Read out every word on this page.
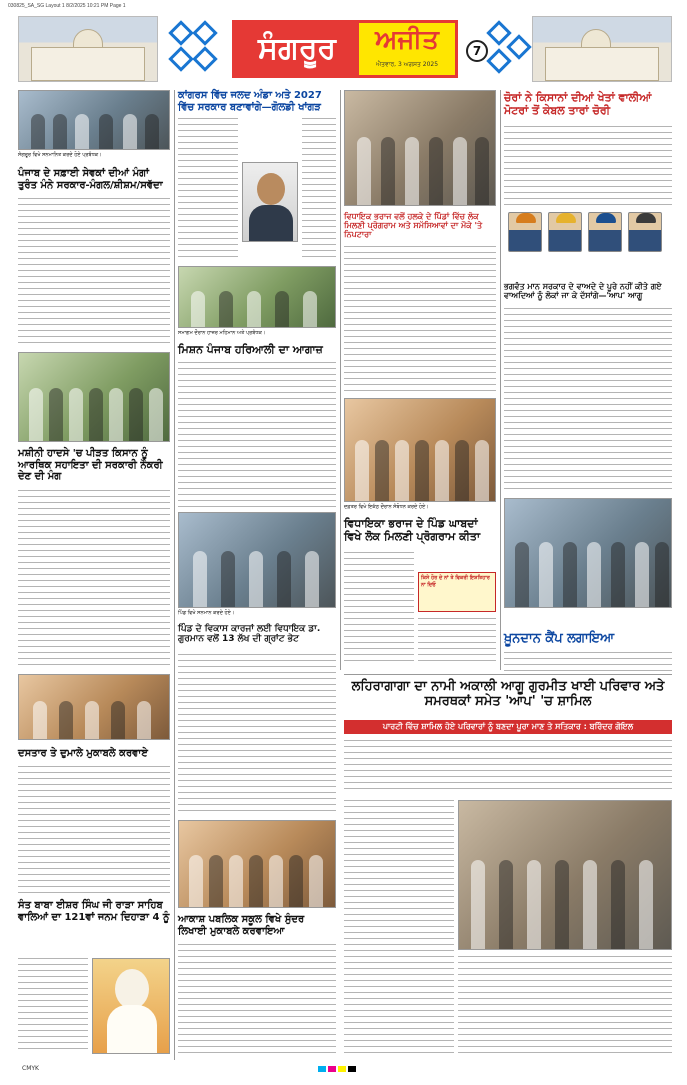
030825_SA_SG Layout 1 8/2/2025 10:21 PM Page 1
ਸੰਗਰੂਰ	ਅਜੀਤ
ਐਤਵਾਰ, 3 ਅਗਸਤ 2025
7
ਸੰਗਰੂਰ ਵਿਖੇ ਸਨਮਾਨਿਤ ਕਰਦੇ ਹੋਏ ਪ੍ਰਬੰਧਕ।
ਪੰਜਾਬ ਦੇ ਸਫ਼ਾਈ ਸੇਵਕਾਂ ਦੀਆਂ ਮੰਗਾਂ ਤੁਰੰਤ ਮੰਨੇ ਸਰਕਾਰ-ਮੰਗਲ/ਸ਼ੀਸ਼ਮ/ਸਵੱਦਾ
ਮਸ਼ੀਨੀ ਹਾਦਸੇ 'ਚ ਪੀੜਤ ਕਿਸਾਨ ਨੂੰ ਆਰਥਿਕ ਸਹਾਇਤਾ ਦੀ ਸਰਕਾਰੀ ਨੌਕਰੀ ਦੇਣ ਦੀ ਮੰਗ
ਦਸਤਾਰ ਤੇ ਦੁਮਾਲੇ ਮੁਕਾਬਲੇ ਕਰਵਾਏ
ਸੰਤ ਬਾਬਾ ਈਸ਼ਰ ਸਿੰਘ ਜੀ ਰਾੜਾ ਸਾਹਿਬ ਵਾਲਿਆਂ ਦਾ 121ਵਾਂ ਜਨਮ ਦਿਹਾੜਾ 4 ਨੂੰ
ਕਾਂਗਰਸ ਵਿੱਚ ਜਲਦ ਅੰਡਾ ਅਤੇ 2027 ਵਿੱਚ ਸਰਕਾਰ ਬਣਾਵਾਂਗੇ—ਗੋਲਡੀ ਖਾਂਗੜ
ਸਮਾਗਮ ਦੌਰਾਨ ਹਾਜ਼ਰ ਮਹਿਮਾਨ ਅਤੇ ਪ੍ਰਬੰਧਕ।
ਮਿਸ਼ਨ ਪੰਜਾਬ ਹਰਿਆਲੀ ਦਾ ਆਗਾਜ਼
ਪਿੰਡ ਵਿਖੇ ਸਨਮਾਨ ਕਰਦੇ ਹੋਏ।
ਪਿੰਡ ਦੇ ਵਿਕਾਸ ਕਾਰਜਾਂ ਲਈ ਵਿਧਾਇਕ ਡਾ. ਗੁਰਮਾਨ ਵਲੋਂ 13 ਲੱਖ ਦੀ ਗ੍ਰਾਂਟ ਭੇਟ
ਆਕਾਸ਼ ਪਬਲਿਕ ਸਕੂਲ ਵਿਖੇ ਸੁੰਦਰ ਲਿਖਾਈ ਮੁਕਾਬਲੇ ਕਰਵਾਇਆ
ਵਿਧਾਇਕ ਭਰਾਜ ਵਲੋਂ ਹਲਕੇ ਦੇ ਪਿੰਡਾਂ ਵਿੱਚ ਲੋਕ ਮਿਲਣੀ ਪ੍ਰੋਗਰਾਮ ਅਤੇ ਸਮੱਸਿਆਵਾਂ ਦਾ ਮੌਕੇ 'ਤੇ ਨਿਪਟਾਰਾ
ਦਫ਼ਤਰ ਵਿਖੇ ਇਕੱਠ ਦੌਰਾਨ ਸੰਬੋਧਨ ਕਰਦੇ ਹੋਏ।
ਵਿਧਾਇਕਾ ਭਰਾਜ ਦੇ ਪਿੰਡ ਘਾਬਦਾਂ ਵਿਖੇ ਲੋਕ ਮਿਲਣੀ ਪ੍ਰੋਗਰਾਮ ਕੀਤਾ
ਕਿਸੇ ਹੋਰ ਦੇ ਨਾਂ ਤੇ ਵਿਕਰੀ ਇਸ਼ਤਿਹਾਰ ਨਾ ਦਿਓ
ਚੋਰਾਂ ਨੇ ਕਿਸਾਨਾਂ ਦੀਆਂ ਖੇਤਾਂ ਵਾਲੀਆਂ ਮੋਟਰਾਂ ਤੋਂ ਕੇਬਲ ਤਾਰਾਂ ਚੋਰੀ
ਭਗਵੰਤ ਮਾਨ ਸਰਕਾਰ ਦੇ ਵਾਅਦੇ ਦੇ ਪੂਰੇ ਨਹੀਂ ਕੀਤੇ ਗਏ ਵਾਅਦਿਆਂ ਨੂੰ ਲੋਕਾਂ ਜਾ ਕੇ ਦੱਸਾਂਗੇ—'ਆਪ' ਆਗੂ
ਖ਼ੂਨਦਾਨ ਕੈਂਪ ਲਗਾਇਆ
ਲਹਿਰਾਗਾਗਾ ਦਾ ਨਾਮੀ ਅਕਾਲੀ ਆਗੂ ਗੁਰਮੀਤ ਖਾਈ ਪਰਿਵਾਰ ਅਤੇ ਸਮਰਥਕਾਂ ਸਮੇਤ 'ਆਪ' 'ਚ ਸ਼ਾਮਿਲ
ਪਾਰਟੀ ਵਿੱਚ ਸ਼ਾਮਿਲ ਹੋਏ ਪਰਿਵਾਰਾਂ ਨੂੰ ਬਣਦਾ ਪੂਰਾ ਮਾਣ ਤੇ ਸਤਿਕਾਰ : ਬਰਿੰਦਰ ਗੋਇਲ
CMYK
